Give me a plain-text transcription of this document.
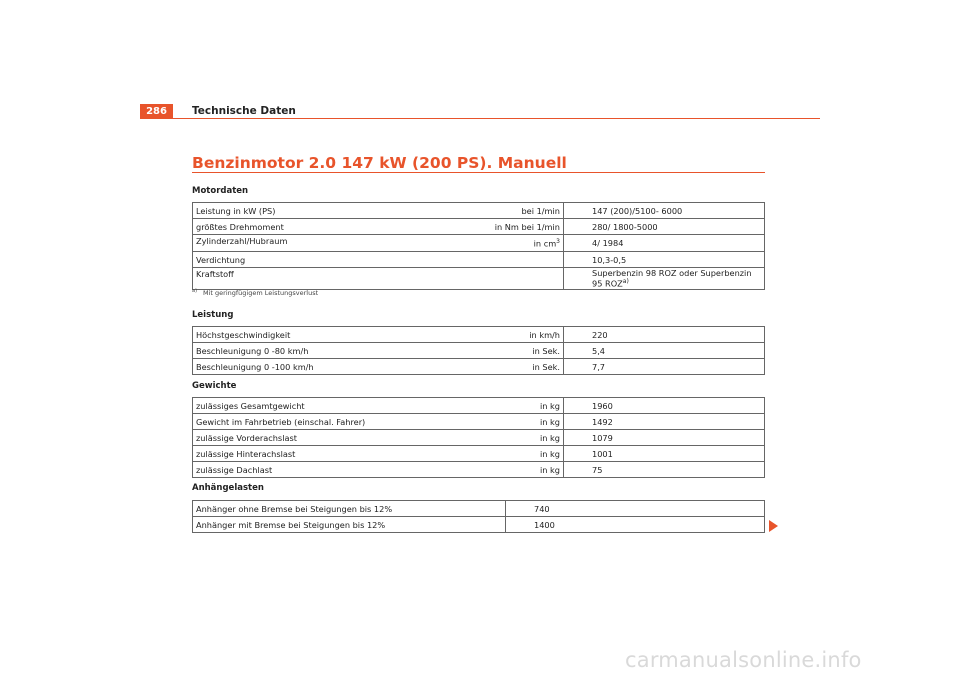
286	Technische Daten
Benzinmotor 2.0 147 kW (200 PS). Manuell
Motordaten
Leistung in kW (PS)	bei 1/min	147 (200)/5100- 6000
größtes Drehmoment	in Nm bei 1/min	280/ 1800-5000
Zylinderzahl/Hubraum	in $cm^3$	4/ 1984
Verdichtung		10,3-0,5
Kraftstoff		Superbenzin 98 ROZ oder Superbenzin 95 ROZ$^{a)}$
$^{a)}$ Mit geringfügigem Leistungsverlust
Leistung
Höchstgeschwindigkeit	in km/h	220
Beschleunigung 0 -80 km/h	in Sek.	5,4
Beschleunigung 0 -100 km/h	in Sek.	7,7
Gewichte
zulässiges Gesamtgewicht	in kg	1960
Gewicht im Fahrbetrieb (einschal. Fahrer)	in kg	1492
zulässige Vorderachslast	in kg	1079
zulässige Hinterachslast	in kg	1001
zulässige Dachlast	in kg	75
Anhängelasten
Anhänger ohne Bremse bei Steigungen bis 12%	740
Anhänger mit Bremse bei Steigungen bis 12%	1400
carmanualsonline.info
